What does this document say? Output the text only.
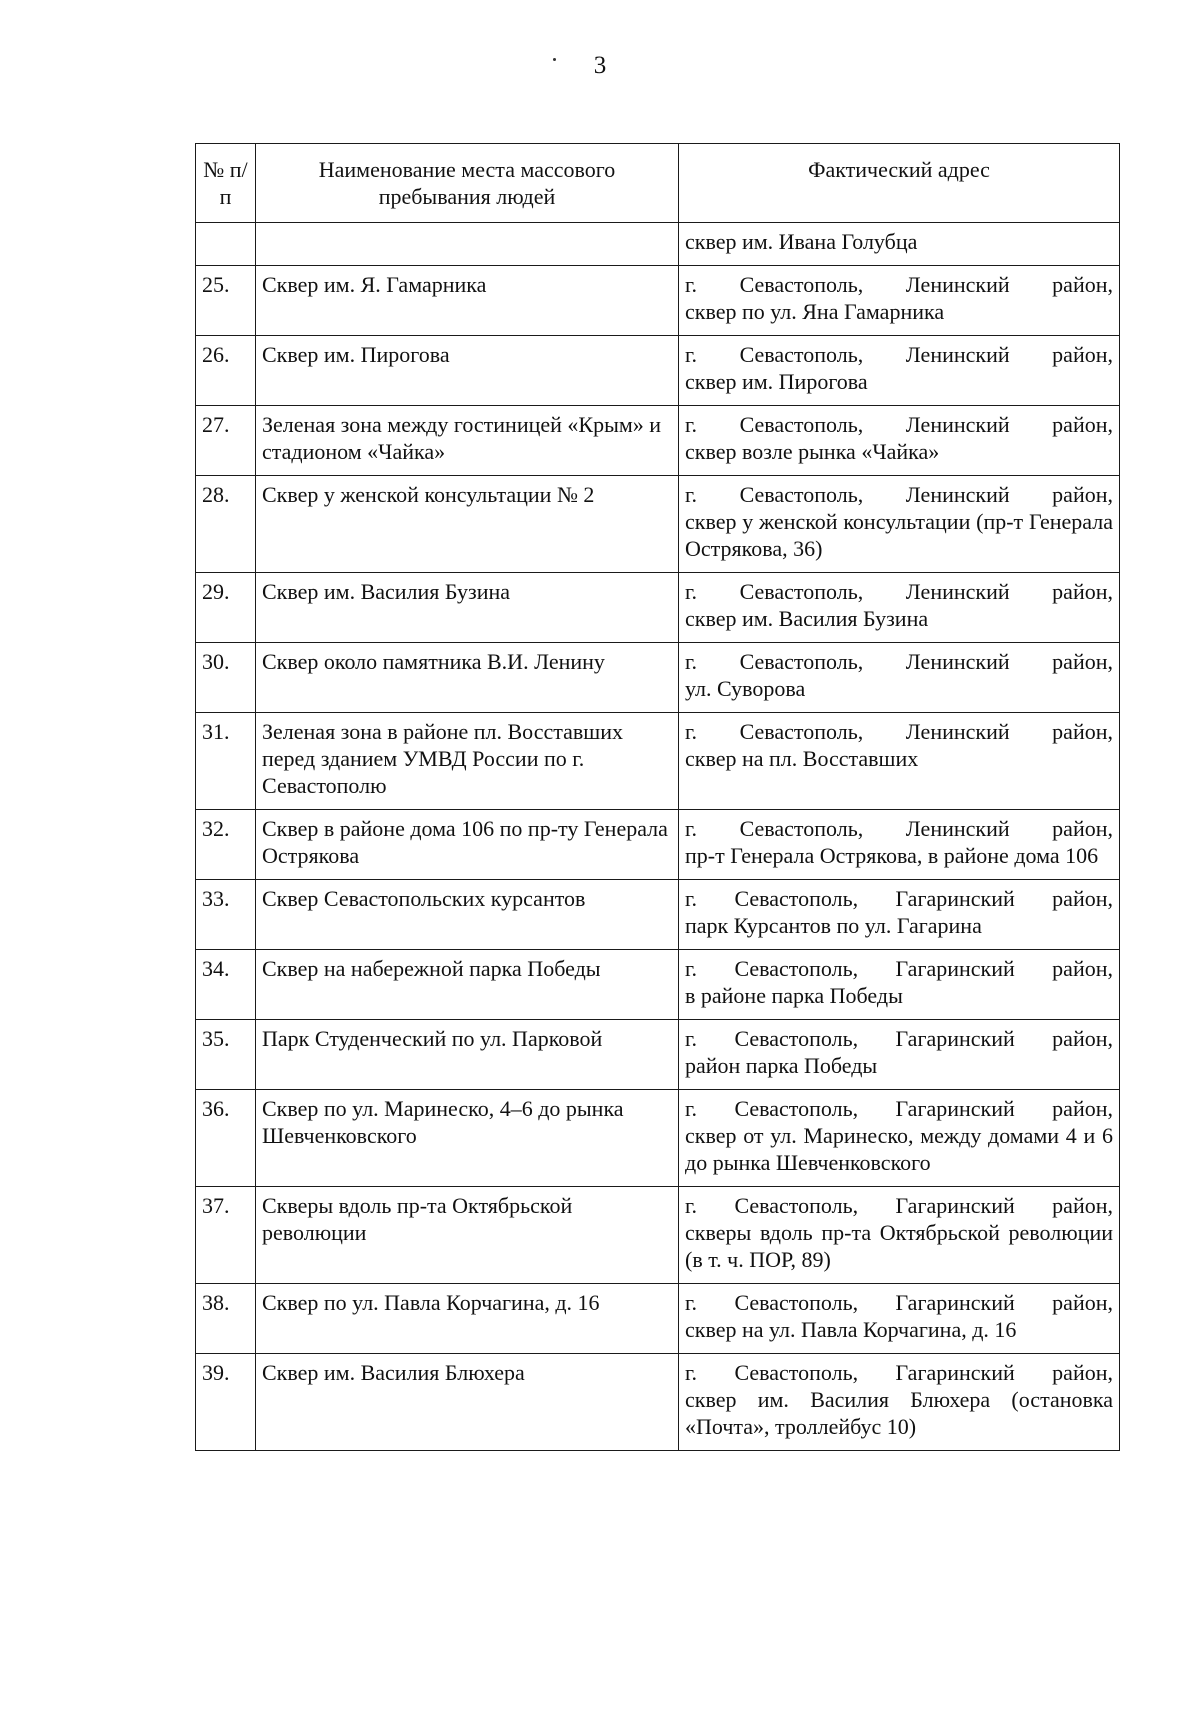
3
№ п/п	Наименование места массового пребывания людей	Фактический адрес
		сквер им. Ивана Голубца
25.	Сквер им. Я. Гамарника	г. Севастополь, Ленинский район,
сквер по ул. Яна Гамарника
26.	Сквер им. Пирогова	г. Севастополь, Ленинский район,
сквер им. Пирогова
27.	Зеленая зона между гостиницей «Крым» и стадионом «Чайка»	г. Севастополь, Ленинский район,
сквер возле рынка «Чайка»
28.	Сквер у женской консультации № 2	г. Севастополь, Ленинский район,
сквер у женской консультации (пр-т Генерала Острякова, 36)
29.	Сквер им. Василия Бузина	г. Севастополь, Ленинский район,
сквер им. Василия Бузина
30.	Сквер около памятника В.И. Ленину	г. Севастополь, Ленинский район,
ул. Суворова
31.	Зеленая зона в районе пл. Восставших перед зданием УМВД России по г. Севастополю	г. Севастополь, Ленинский район,
сквер на пл. Восставших
32.	Сквер в районе дома 106 по пр-ту Генерала Острякова	г. Севастополь, Ленинский район,
пр-т Генерала Острякова, в районе дома 106
33.	Сквер Севастопольских курсантов	г. Севастополь, Гагаринский район,
парк Курсантов по ул. Гагарина
34.	Сквер на набережной парка Победы	г. Севастополь, Гагаринский район,
в районе парка Победы
35.	Парк Студенческий по ул. Парковой	г. Севастополь, Гагаринский район,
район парка Победы
36.	Сквер по ул. Маринеско, 4–6 до рынка Шевченковского	г. Севастополь, Гагаринский район,
сквер от ул. Маринеско, между домами 4 и 6 до рынка Шевченковского
37.	Скверы вдоль пр-та Октябрьской революции	г. Севастополь, Гагаринский район,
скверы вдоль пр-та Октябрьской революции (в т. ч. ПОР, 89)
38.	Сквер по ул. Павла Корчагина, д. 16	г. Севастополь, Гагаринский район,
сквер на ул. Павла Корчагина, д. 16
39.	Сквер им. Василия Блюхера	г. Севастополь, Гагаринский район,
сквер им. Василия Блюхера (остановка «Почта», троллейбус 10)
